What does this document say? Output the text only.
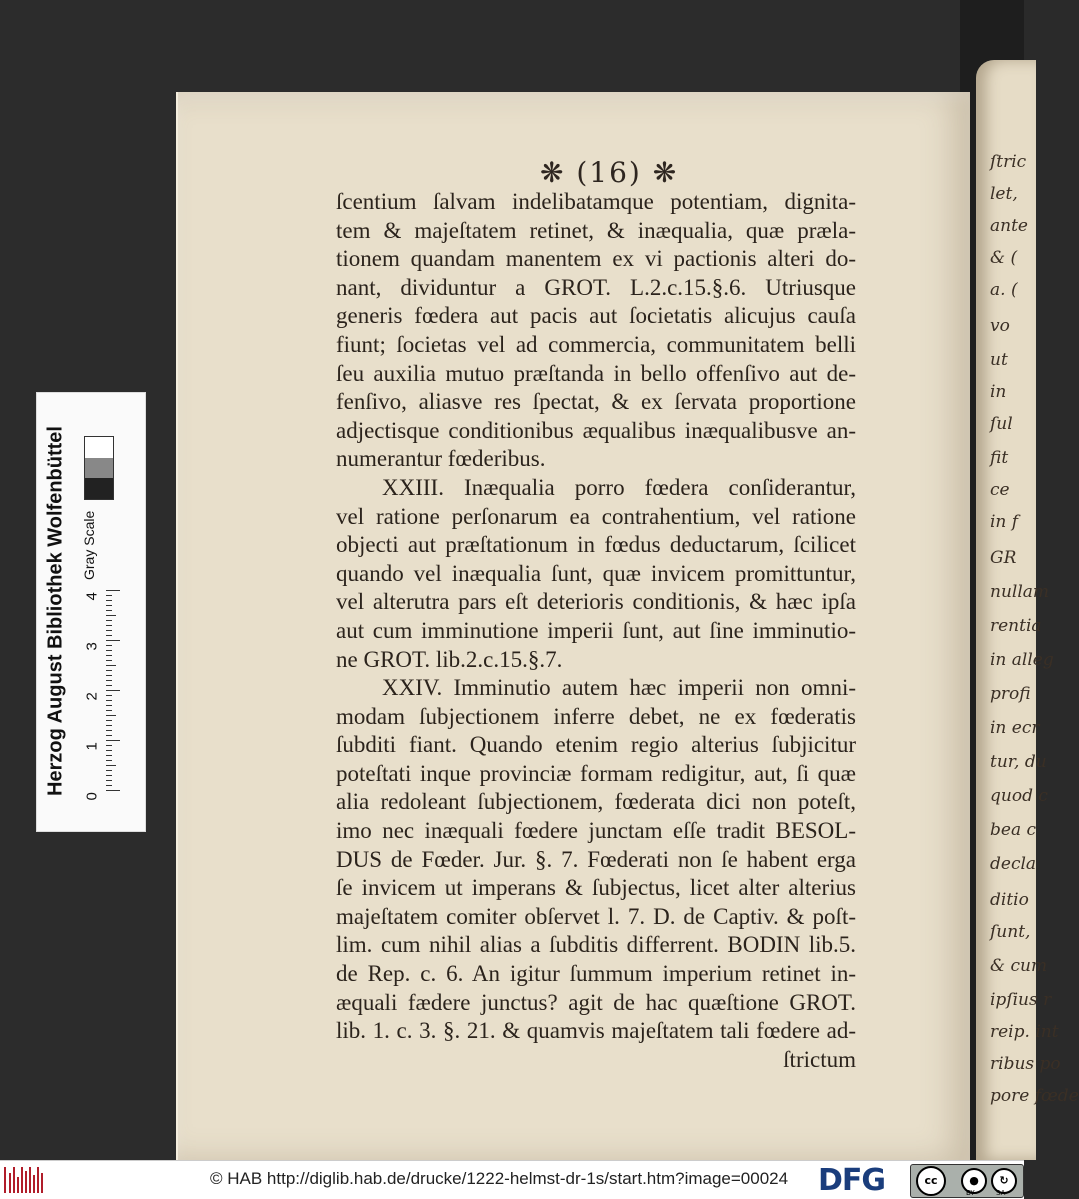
ſtric
let,
ante
& (
a. (
vo
ut
in
ſul
fit
ce
in f
GR
nullam
rentia
in alleg
profi
in ecr
tur, du
quod c
bea c
decla
ditio
ſunt,
& cum
ipſius r
reip. int
ribus po
pore fœde
❋ (16) ❋
ſcentium ſalvam indelibatamque potentiam, dignita-
tem & majeſtatem retinet, & inæqualia, quæ præla-
tionem quandam manentem ex vi pactionis alteri do-
nant, dividuntur a GROT. L.2.c.15.§.6. Utriusque
generis fœdera aut pacis aut ſocietatis alicujus cauſa
fiunt; ſocietas vel ad commercia, communitatem belli
ſeu auxilia mutuo præſtanda in bello offenſivo aut de-
fenſivo, aliasve res ſpectat, & ex ſervata proportione
adjectisque conditionibus æqualibus inæqualibusve an-
numerantur fœderibus.
XXIII. Inæqualia porro fœdera conſiderantur,
vel ratione perſonarum ea contrahentium, vel ratione
objecti aut præſtationum in fœdus deductarum, ſcilicet
quando vel inæqualia ſunt, quæ invicem promittuntur,
vel alterutra pars eſt deterioris conditionis, & hæc ipſa
aut cum imminutione imperii ſunt, aut ſine imminutio-
ne GROT. lib.2.c.15.§.7.
XXIV. Imminutio autem hæc imperii non omni-
modam ſubjectionem inferre debet, ne ex fœderatis
ſubditi fiant. Quando etenim regio alterius ſubjicitur
poteſtati inque provinciæ formam redigitur, aut, ſi quæ
alia redoleant ſubjectionem, fœderata dici non poteſt,
imo nec inæquali fœdere junctam eſſe tradit BESOL-
DUS de Fœder. Jur. §. 7. Fœderati non ſe habent erga
ſe invicem ut imperans & ſubjectus, licet alter alterius
majeſtatem comiter obſervet l. 7. D. de Captiv. & poſt-
lim. cum nihil alias a ſubditis differrent. BODIN lib.5.
de Rep. c. 6. An igitur ſummum imperium retinet in-
æquali fædere junctus? agit de hac quæſtione GROT.
lib. 1. c. 3. §. 21. & quamvis majeſtatem tali fœdere ad-
ſtrictum
Herzog August Bibliothek Wolfenbüttel	Gray Scale
0
1
2
3
4
© HAB http://diglib.hab.de/drucke/1222-helmst-dr-1s/start.htm?image=00024 DFG	cc	●	↻
BY	SA
